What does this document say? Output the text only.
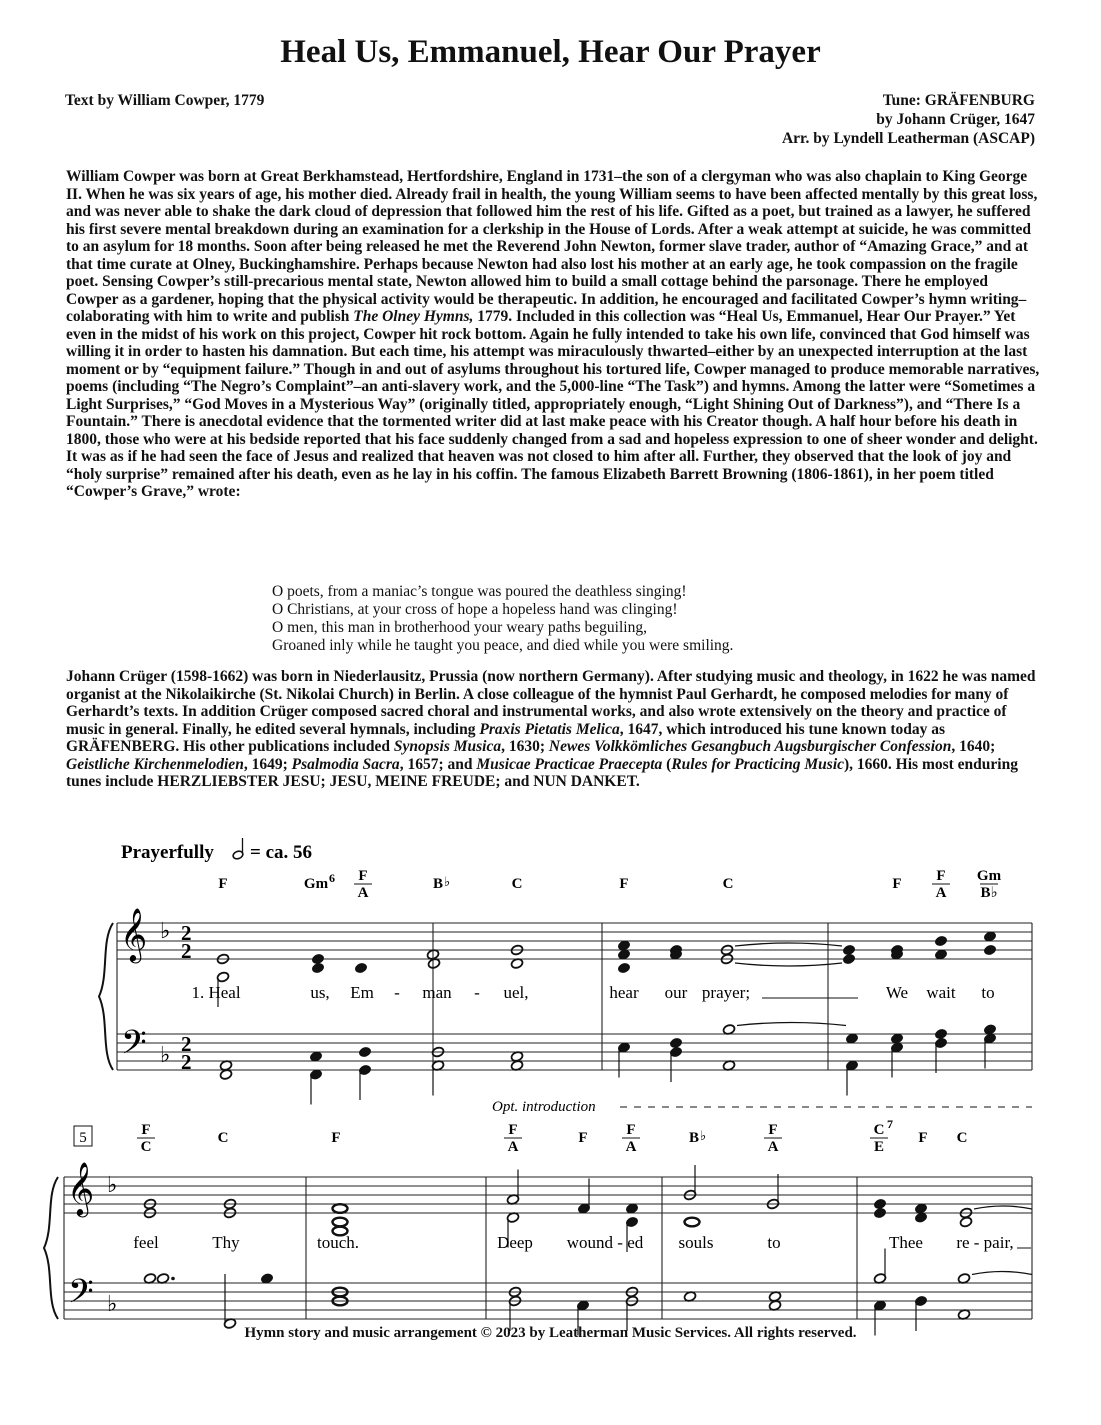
Heal Us, Emmanuel, Hear Our Prayer
Text by William Cowper, 1779	Tune: GRÄFENBURG
by Johann Crüger, 1647
Arr. by Lyndell Leatherman (ASCAP)

William Cowper was born at Great Berkhamstead, Hertfordshire, England in 1731–the son of a clergyman who was also chaplain to King George II. When he was six years of age, his mother died. Already frail in health, the young William seems to have been affected mentally by this great loss, and was never able to shake the dark cloud of depression that followed him the rest of his life. Gifted as a poet, but trained as a lawyer, he suffered his first severe mental breakdown during an examination for a clerkship in the House of Lords. After a weak attempt at suicide, he was committed to an asylum for 18 months. Soon after being released he met the Reverend John Newton, former slave trader, author of “Amazing Grace,” and at that time curate at Olney, Buckinghamshire. Perhaps because Newton had also lost his mother at an early age, he took compassion on the fragile poet. Sensing Cowper’s still-precarious mental state, Newton allowed him to build a small cottage behind the parsonage. There he employed Cowper as a gardener, hoping that the physical activity would be therapeutic. In addition, he encouraged and facilitated Cowper’s hymn writing–colaborating with him to write and publish The Olney Hymns, 1779. Included in this collection was “Heal Us, Emmanuel, Hear Our Prayer.” Yet even in the midst of his work on this project, Cowper hit rock bottom. Again he fully intended to take his own life, convinced that God himself was willing it in order to hasten his damnation. But each time, his attempt was miraculously thwarted–either by an unexpected interruption at the last moment or by “equipment failure.” Though in and out of asylums throughout his tortured life, Cowper managed to produce memorable narratives, poems (including “The Negro’s Complaint”–an anti-slavery work, and the 5,000-line “The Task”) and hymns. Among the latter were “Sometimes a Light Surprises,” “God Moves in a Mysterious Way” (originally titled, appropriately enough, “Light Shining Out of Darkness”), and “There Is a Fountain.” There is anecdotal evidence that the tormented writer did at last make peace with his Creator though. A half hour before his death in 1800, those who were at his bedside reported that his face suddenly changed from a sad and hopeless expression to one of sheer wonder and delight. It was as if he had seen the face of Jesus and realized that heaven was not closed to him after all. Further, they observed that the look of joy and “holy surprise” remained after his death, even as he lay in his coffin. The famous Elizabeth Barrett Browning (1806-1861), in her poem titled “Cowper’s Grave,” wrote:

O poets, from a maniac’s tongue was poured the deathless singing!
O Christians, at your cross of hope a hopeless hand was clinging!
O men, this man in brotherhood your weary paths beguiling,
Groaned inly while he taught you peace, and died while you were smiling.

Johann Crüger (1598-1662) was born in Niederlausitz, Prussia (now northern Germany). After studying music and theology, in 1622 he was named organist at the Nikolaikirche (St. Nikolai Church) in Berlin. A close colleague of the hymnist Paul Gerhardt, he composed melodies for many of Gerhardt’s texts. In addition Crüger composed sacred choral and instrumental works, and also wrote extensively on the theory and practice of music in general. Finally, he edited several hymnals, including Praxis Pietatis Melica, 1647, which introduced his tune known today as GRÄFENBERG. His other publications included Synopsis Musica, 1630; Newes Volkkömliches Gesangbuch Augsburgischer Confession, 1640; Geistliche Kirchenmelodien, 1649; Psalmodia Sacra, 1657; and Musicae Practicae Praecepta (Rules for Practicing Music), 1660. His most enduring tunes include HERZLIEBSTER JESU; JESU, MEINE FREUDE; and NUN DANKET.

Prayerfully = ca. 56
Opt. introduction
5
𝄞
𝄢
♭
♭
2
2
2
2
𝄞
𝄢
♭
♭
F	Gm 6 F
A
B ♭	C	F	C	F F
A
Gm
B♭
F
C
C	F	F
A
F	F
A
B ♭	F
A
C 7
E
F C
1. Heal	us, Em - man - uel,	hear our prayer;	We wait to
feel	Thy	touch.	Deep wound - ed souls	to	Thee re - pair,
Hymn story and music arrangement © 2023 by Leatherman Music Services. All rights reserved.
